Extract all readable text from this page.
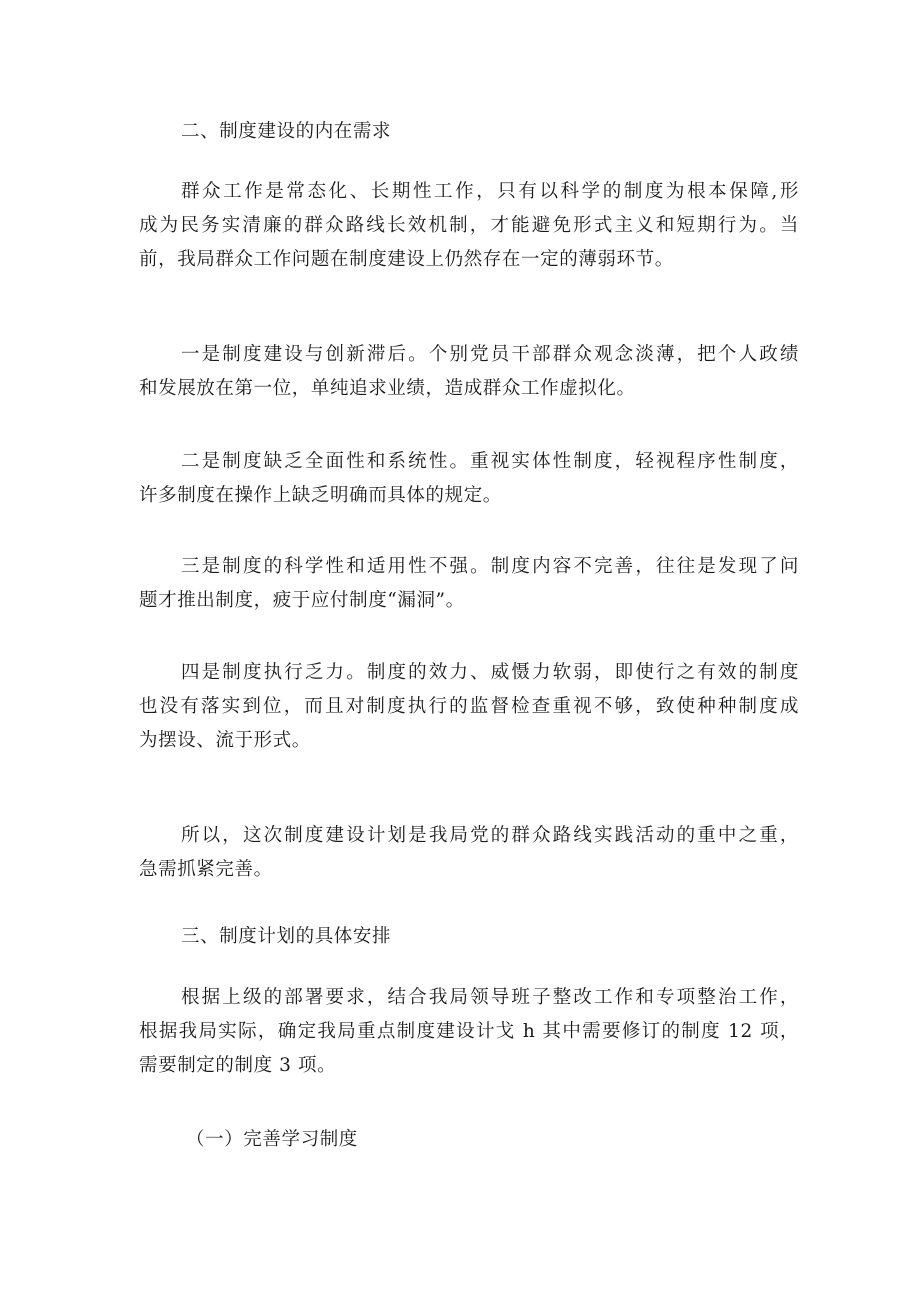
二、制度建设的内在需求

群众工作是常态化、长期性工作，只有以科学的制度为根本保障,形
成为民务实清廉的群众路线长效机制，才能避免形式主义和短期行为。当
前，我局群众工作问题在制度建设上仍然存在一定的薄弱环节。

一是制度建设与创新滞后。个别党员干部群众观念淡薄，把个人政绩
和发展放在第一位，单纯追求业绩，造成群众工作虚拟化。

二是制度缺乏全面性和系统性。重视实体性制度，轻视程序性制度，
许多制度在操作上缺乏明确而具体的规定。

三是制度的科学性和适用性不强。制度内容不完善，往往是发现了问
题才推出制度，疲于应付制度“漏洞”。

四是制度执行乏力。制度的效力、威慑力软弱，即使行之有效的制度
也没有落实到位，而且对制度执行的监督检查重视不够，致使种种制度成
为摆设、流于形式。

所以，这次制度建设计划是我局党的群众路线实践活动的重中之重，
急需抓紧完善。

三、制度计划的具体安排

根据上级的部署要求，结合我局领导班子整改工作和专项整治工作，
根据我局实际，确定我局重点制度建设计戈 h 其中需要修订的制度 12 项，
需要制定的制度 3 项。

（一）完善学习制度
